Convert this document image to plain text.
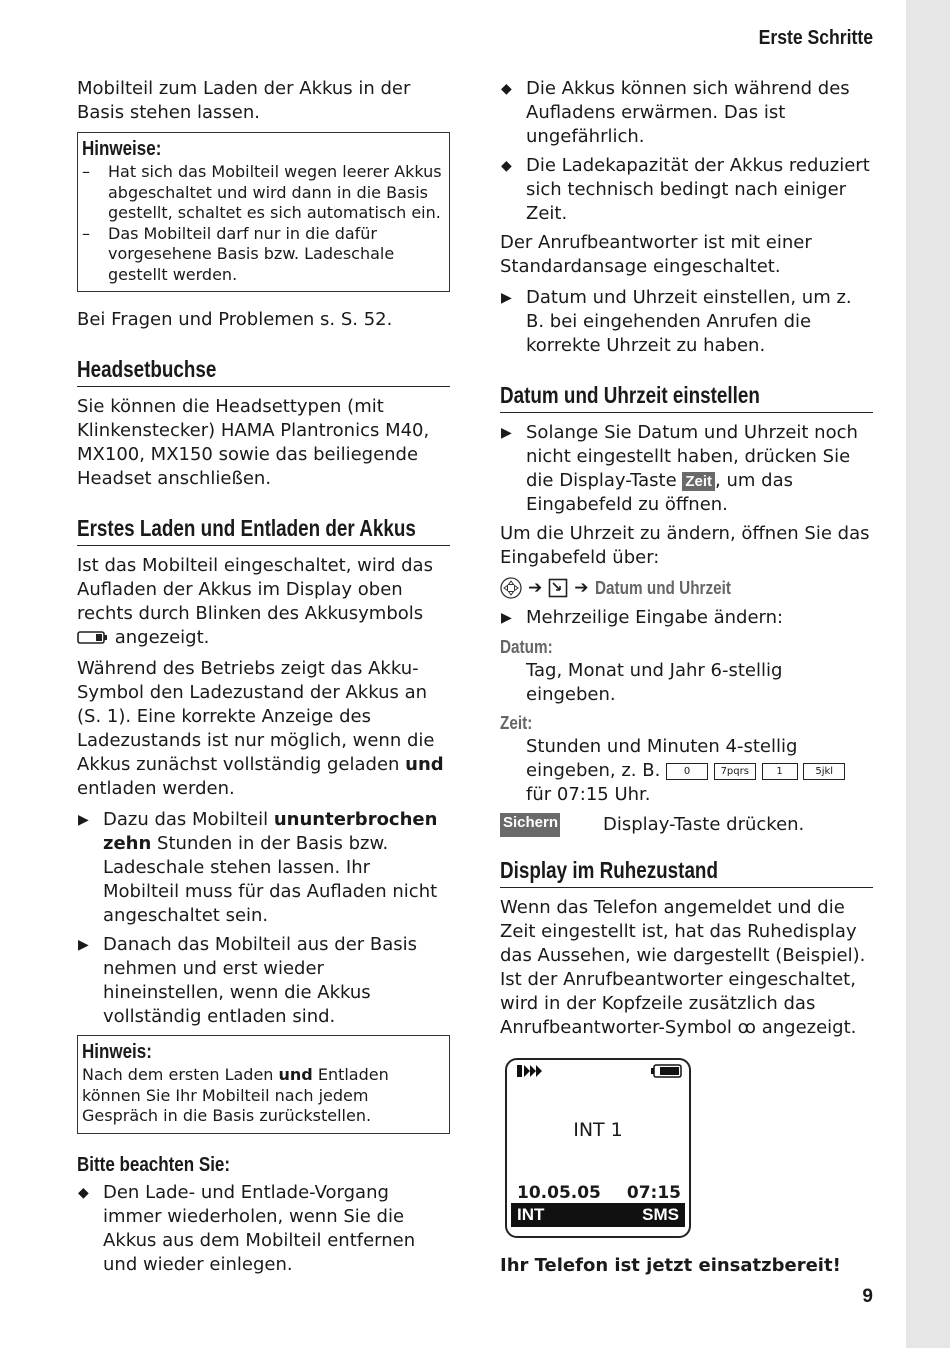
Erste Schritte

Mobilteil zum Laden der Akkus in der Basis stehen lassen.

Hinweise:
– Hat sich das Mobilteil wegen leerer Akkus abgeschaltet und wird dann in die Basis gestellt, schaltet es sich automatisch ein.
– Das Mobilteil darf nur in die dafür vorgesehene Basis bzw. Ladeschale gestellt werden.

Bei Fragen und Problemen s. S. 52.

Headsetbuchse

Sie können die Headsettypen (mit Klinkenstecker) HAMA Plantronics M40, MX100, MX150 sowie das beiliegende Headset anschließen.

Erstes Laden und Entladen der Akkus

Ist das Mobilteil eingeschaltet, wird das Aufladen der Akkus im Display oben rechts durch Blinken des Akkusymbols  angezeigt.

Während des Betriebs zeigt das Akku-Symbol den Ladezustand der Akkus an (S. 1). Eine korrekte Anzeige des Ladezustands ist nur möglich, wenn die Akkus zunächst vollständig geladen und entladen werden.

▶ Dazu das Mobilteil ununterbrochen zehn Stunden in der Basis bzw. Ladeschale stehen lassen. Ihr Mobilteil muss für das Aufladen nicht angeschaltet sein.
▶ Danach das Mobilteil aus der Basis nehmen und erst wieder hineinstellen, wenn die Akkus vollständig entladen sind.
Hinweis:
Nach dem ersten Laden und Entladen können Sie Ihr Mobilteil nach jedem Gespräch in die Basis zurückstellen.
Bitte beachten Sie:
◆ Den Lade- und Entlade-Vorgang immer wiederholen, wenn Sie die Akkus aus dem Mobilteil entfernen und wieder einlegen.
◆ Die Akkus können sich während des Aufladens erwärmen. Das ist ungefährlich.
◆ Die Ladekapazität der Akkus reduziert sich technisch bedingt nach einiger Zeit.

Der Anrufbeantworter ist mit einer Standardansage eingeschaltet.

▶ Datum und Uhrzeit einstellen, um z. B. bei eingehenden Anrufen die korrekte Uhrzeit zu haben.
Datum und Uhrzeit einstellen
▶ Solange Sie Datum und Uhrzeit noch nicht eingestellt haben, drücken Sie die Display-Taste Zeit , um das Eingabefeld zu öffnen.

Um die Uhrzeit zu ändern, öffnen Sie das Eingabefeld über:

➔ ➔ Datum und Uhrzeit
▶ Mehrzeilige Eingabe ändern:
Datum:
Tag, Monat und Jahr 6-stellig eingeben.
Zeit:
Stunden und Minuten 4-stellig eingeben, z. B. 0	7pqrs	1	5jkl für 07:15 Uhr.
Sichern Display-Taste drücken.
Display im Ruhezustand

Wenn das Telefon angemeldet und die Zeit eingestellt ist, hat das Ruhedisplay das Aussehen, wie dargestellt (Beispiel). Ist der Anrufbeantworter eingeschaltet, wird in der Kopfzeile zusätzlich das Anrufbeantworter-Symbol ꝏ angezeigt.

INT 1
10.05.05 07:15
INT	SMS
Ihr Telefon ist jetzt einsatzbereit!
9
